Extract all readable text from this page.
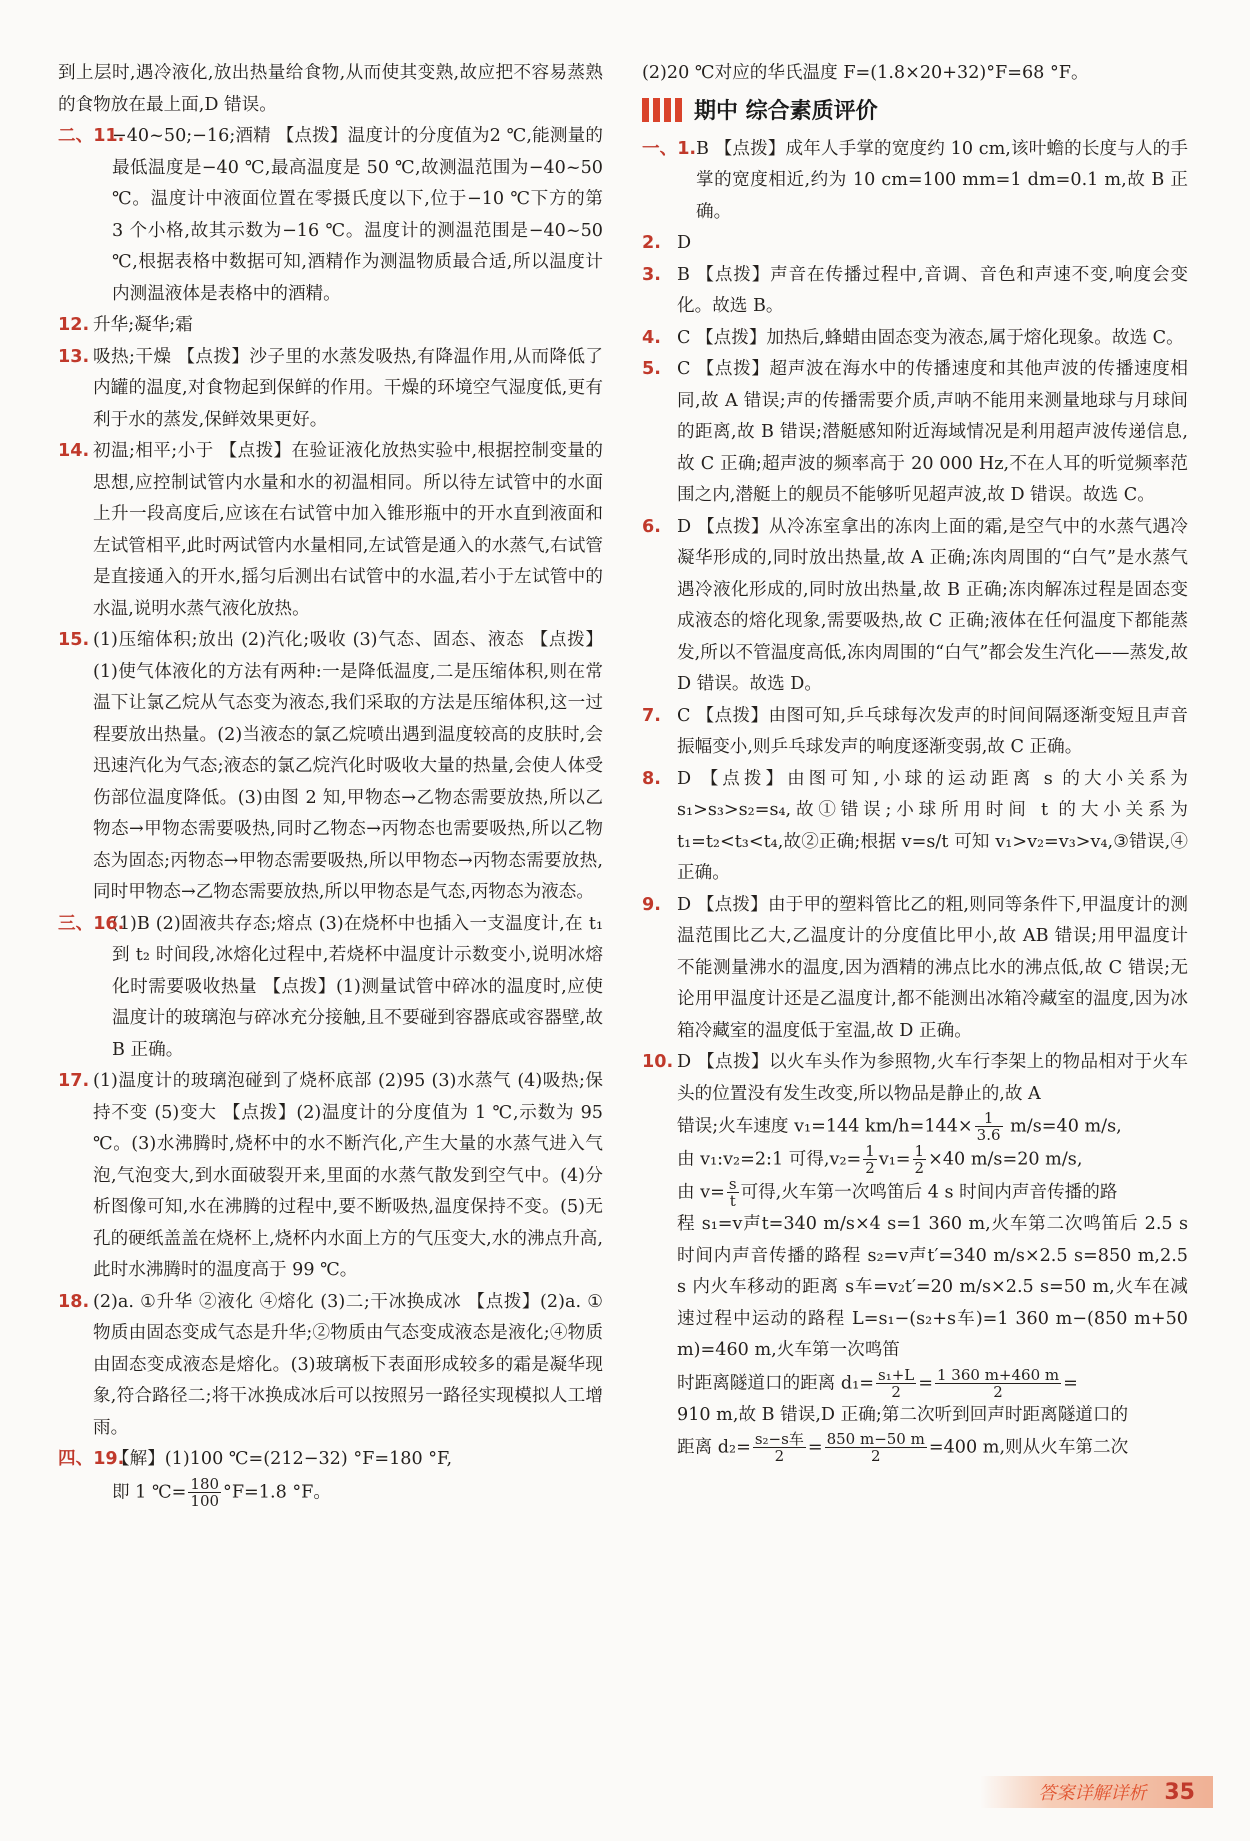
到上层时,遇冷液化,放出热量给食物,从而使其变熟,故应把不容易蒸熟的食物放在最上面,D 错误。

二、11.

−40~50;−16;酒精 【点拨】温度计的分度值为2 ℃,能测量的最低温度是−40 ℃,最高温度是 50 ℃,故测温范围为−40~50 ℃。温度计中液面位置在零摄氏度以下,位于−10 ℃下方的第 3 个小格,故其示数为−16 ℃。温度计的测温范围是−40~50 ℃,根据表格中数据可知,酒精作为测温物质最合适,所以温度计内测温液体是表格中的酒精。

12. 升华;凝华;霜

13. 吸热;干燥 【点拨】沙子里的水蒸发吸热,有降温作用,从而降低了内罐的温度,对食物起到保鲜的作用。干燥的环境空气湿度低,更有利于水的蒸发,保鲜效果更好。

14. 初温;相平;小于 【点拨】在验证液化放热实验中,根据控制变量的思想,应控制试管内水量和水的初温相同。所以待左试管中的水面上升一段高度后,应该在右试管中加入锥形瓶中的开水直到液面和左试管相平,此时两试管内水量相同,左试管是通入的水蒸气,右试管是直接通入的开水,摇匀后测出右试管中的水温,若小于左试管中的水温,说明水蒸气液化放热。

15. (1)压缩体积;放出 (2)汽化;吸收 (3)气态、固态、液态 【点拨】(1)使气体液化的方法有两种:一是降低温度,二是压缩体积,则在常温下让氯乙烷从气态变为液态,我们采取的方法是压缩体积,这一过程要放出热量。(2)当液态的氯乙烷喷出遇到温度较高的皮肤时,会迅速汽化为气态;液态的氯乙烷汽化时吸收大量的热量,会使人体受伤部位温度降低。(3)由图 2 知,甲物态→乙物态需要放热,所以乙物态→甲物态需要吸热,同时乙物态→丙物态也需要吸热,所以乙物态为固态;丙物态→甲物态需要吸热,所以甲物态→丙物态需要放热,同时甲物态→乙物态需要放热,所以甲物态是气态,丙物态为液态。

三、16.

(1)B (2)固液共存态;熔点 (3)在烧杯中也插入一支温度计,在 t₁ 到 t₂ 时间段,冰熔化过程中,若烧杯中温度计示数变小,说明冰熔化时需要吸收热量 【点拨】(1)测量试管中碎冰的温度时,应使温度计的玻璃泡与碎冰充分接触,且不要碰到容器底或容器壁,故 B 正确。

17. (1)温度计的玻璃泡碰到了烧杯底部 (2)95 (3)水蒸气 (4)吸热;保持不变 (5)变大 【点拨】(2)温度计的分度值为 1 ℃,示数为 95 ℃。(3)水沸腾时,烧杯中的水不断汽化,产生大量的水蒸气进入气泡,气泡变大,到水面破裂开来,里面的水蒸气散发到空气中。(4)分析图像可知,水在沸腾的过程中,要不断吸热,温度保持不变。(5)无孔的硬纸盖盖在烧杯上,烧杯内水面上方的气压变大,水的沸点升高,此时水沸腾时的温度高于 99 ℃。

18. (2)a. ①升华 ②液化 ④熔化 (3)二;干冰换成冰 【点拨】(2)a. ①物质由固态变成气态是升华;②物质由气态变成液态是液化;④物质由固态变成液态是熔化。(3)玻璃板下表面形成较多的霜是凝华现象,符合路径二;将干冰换成冰后可以按照另一路径实现模拟人工增雨。

四、19.

【解】(1)100 ℃=(212−32) °F=180 °F,

即 1 ℃= $\frac{180}{100} ^\circ F=1.8$ °F。

(2)20 ℃对应的华氏温度 F=(1.8×20+32)°F=68 °F。

期中 综合素质评价
一、1. B 【点拨】成年人手掌的宽度约 10 cm,该叶蟾的长度与人的手掌的宽度相近,约为 10 cm=100 mm=1 dm=0.1 m,故 B 正确。

2. D

3. B 【点拨】声音在传播过程中,音调、音色和声速不变,响度会变化。故选 B。

4. C 【点拨】加热后,蜂蜡由固态变为液态,属于熔化现象。故选 C。

5. C 【点拨】超声波在海水中的传播速度和其他声波的传播速度相同,故 A 错误;声的传播需要介质,声呐不能用来测量地球与月球间的距离,故 B 错误;潜艇感知附近海域情况是利用超声波传递信息,故 C 正确;超声波的频率高于 20 000 Hz,不在人耳的听觉频率范围之内,潜艇上的舰员不能够听见超声波,故 D 错误。故选 C。

6. D 【点拨】从冷冻室拿出的冻肉上面的霜,是空气中的水蒸气遇冷凝华形成的,同时放出热量,故 A 正确;冻肉周围的“白气”是水蒸气遇冷液化形成的,同时放出热量,故 B 正确;冻肉解冻过程是固态变成液态的熔化现象,需要吸热,故 C 正确;液体在任何温度下都能蒸发,所以不管温度高低,冻肉周围的“白气”都会发生汽化——蒸发,故 D 错误。故选 D。

7. C 【点拨】由图可知,乒乓球每次发声的时间间隔逐渐变短且声音振幅变小,则乒乓球发声的响度逐渐变弱,故 C 正确。

8. D 【点拨】由图可知,小球的运动距离 s 的大小关系为 s₁>s₃>s₂=s₄,故①错误;小球所用时间 t 的大小关系为 t₁=t₂<t₃<t₄,故②正确;根据 v=s/t 可知 v₁>v₂=v₃>v₄,③错误,④正确。

9. D 【点拨】由于甲的塑料管比乙的粗,则同等条件下,甲温度计的测温范围比乙大,乙温度计的分度值比甲小,故 AB 错误;用甲温度计不能测量沸水的温度,因为酒精的沸点比水的沸点低,故 C 错误;无论用甲温度计还是乙温度计,都不能测出冰箱冷藏室的温度,因为冰箱冷藏室的温度低于室温,故 D 正确。

10. D 【点拨】以火车头作为参照物,火车行李架上的物品相对于火车头的位置没有发生改变,所以物品是静止的,故 A

错误;火车速度 v₁=144 $km/h=144\times \frac{1}{3.6} m/s=40$ m/s,

由 v₁:v₂=2:1 可得$,v_2= \frac{1}{2} v_1= \frac{1}{2} \times 40$ m/s=20 m/s,

由 $v= \frac{s}{t}$ 可得,火车第一次鸣笛后 4 s 时间内声音传播的路

程 s₁=v声t=340 m/s×4 s=1 360 m,火车第二次鸣笛后 2.5 s 时间内声音传播的路程 s₂=v声t′=340 m/s×2.5 s=850 m,2.5 s 内火车移动的距离 s车=v₂t′=20 m/s×2.5 s=50 m,火车在减速过程中运动的路程 L=s₁−(s₂+s车)=1 360 m−(850 m+50 m)=460 m,火车第一次鸣笛

时距离隧道口的距离 $d_1= \frac{\text{s₁+L}}{2} = \frac{1 360 m+460 m}{2}$ =

910 m,故 B 错误,D 正确;第二次听到回声时距离隧道口的

距离 $d_2= \frac{\text{s₂−s车}}{2} = \frac{850 m-50 m}{2} =400$ m,则从火车第二次

答案详解详析 35
